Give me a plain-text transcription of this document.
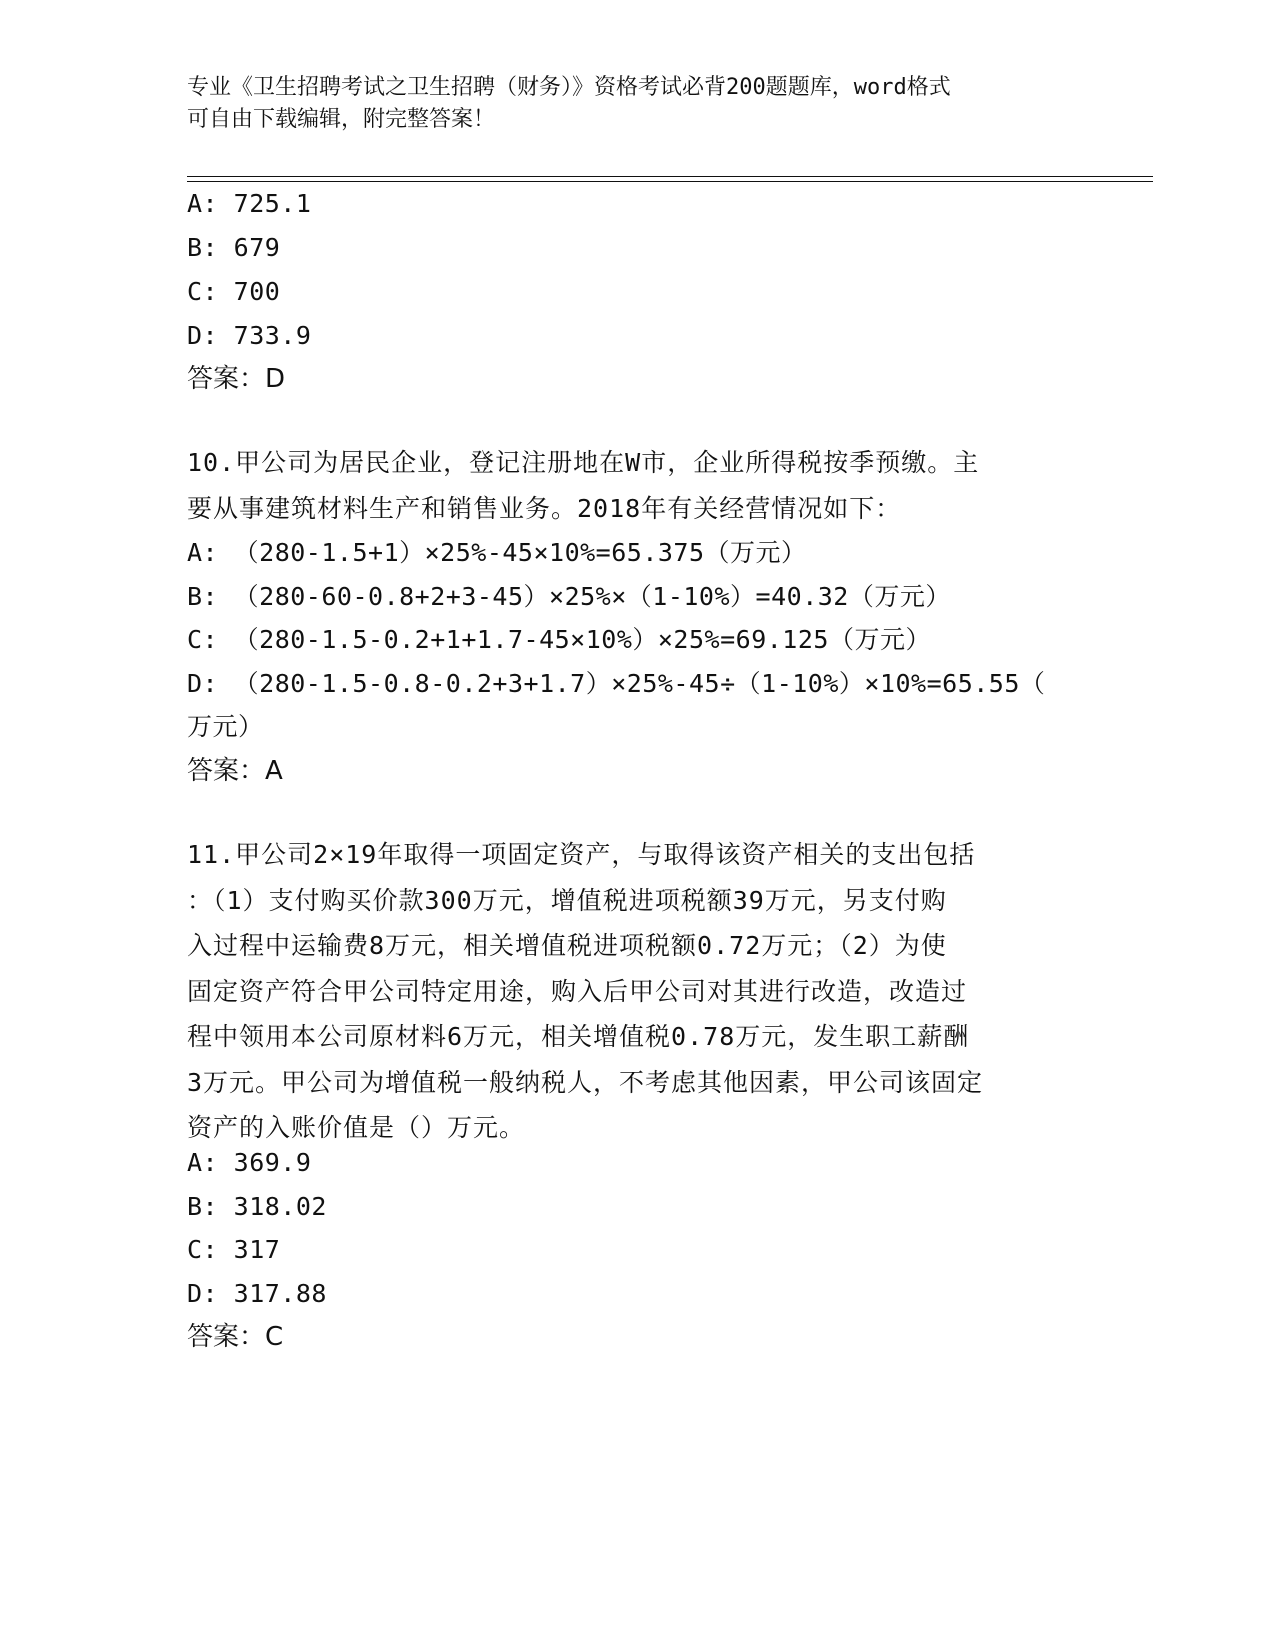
专业《卫生招聘考试之卫生招聘（财务）》资格考试必背200题题库，word格式
可自由下载编辑，附完整答案！
A: 725.1
B: 679
C: 700
D: 733.9
答案：D
10.甲公司为居民企业，登记注册地在W市，企业所得税按季预缴。主
要从事建筑材料生产和销售业务。2018年有关经营情况如下：
A: （280-1.5+1）×25%-45×10%=65.375（万元）
B: （280-60-0.8+2+3-45）×25%×（1-10%）=40.32（万元）
C: （280-1.5-0.2+1+1.7-45×10%）×25%=69.125（万元）
D: （280-1.5-0.8-0.2+3+1.7）×25%-45÷（1-10%）×10%=65.55（
万元）
答案：A
11.甲公司2×19年取得一项固定资产，与取得该资产相关的支出包括
：（1）支付购买价款300万元，增值税进项税额39万元，另支付购
入过程中运输费8万元，相关增值税进项税额0.72万元；（2）为使
固定资产符合甲公司特定用途，购入后甲公司对其进行改造，改造过
程中领用本公司原材料6万元，相关增值税0.78万元，发生职工薪酬
3万元。甲公司为增值税一般纳税人，不考虑其他因素，甲公司该固定
资产的入账价值是（）万元。
A: 369.9
B: 318.02
C: 317
D: 317.88
答案：C
